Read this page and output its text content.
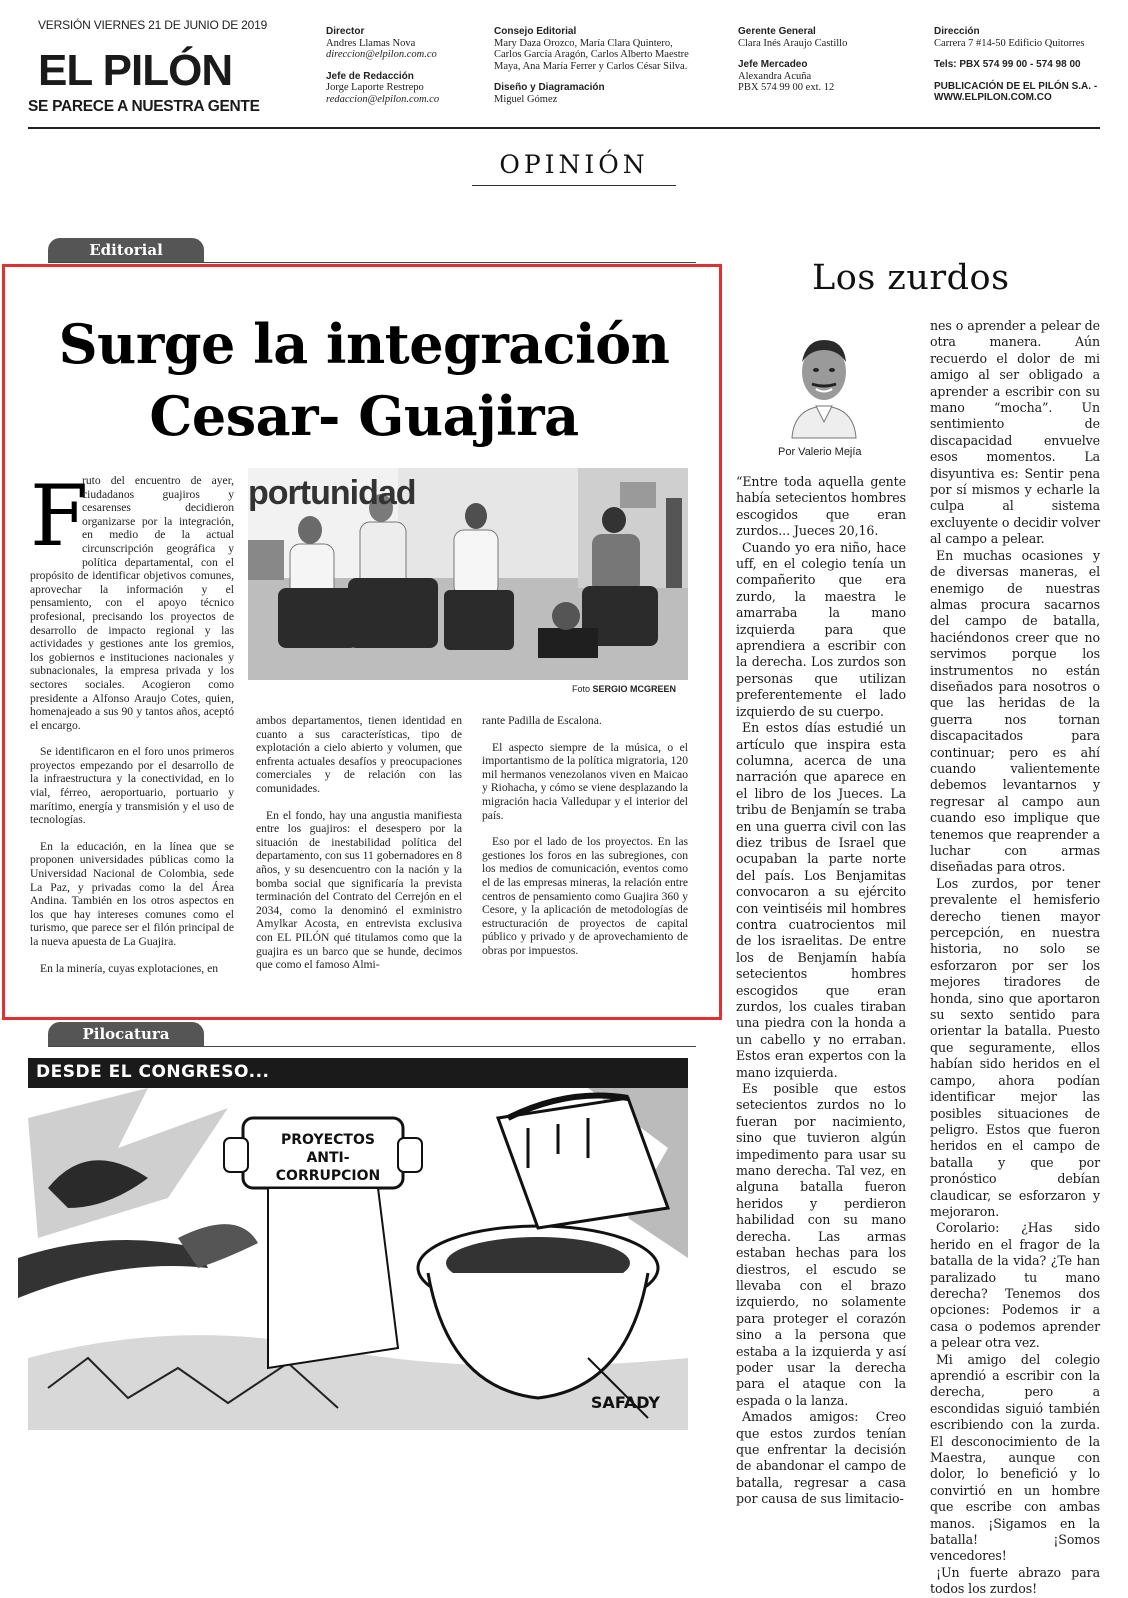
VERSIÓN VIERNES 21 DE JUNIO DE 2019
EL PILÓN
SE PARECE A NUESTRA GENTE
Director

Andres Llamas Nova

direccion@elpilon.com.co

Jefe de Redacción

Jorge Laporte Restrepo

redaccion@elpilon.com.co

Consejo Editorial

Mary Daza Orozco, María Clara Quintero,

Carlos García Aragón, Carlos Alberto Maestre

Maya, Ana María Ferrer y Carlos César Silva.

Diseño y Diagramación

Miguel Gómez

Gerente General

Clara Inés Araujo Castillo

Jefe Mercadeo

Alexandra Acuña

PBX 574 99 00 ext. 12

Dirección

Carrera 7 #14-50 Edificio Quitorres

Tels: PBX 574 99 00 - 574 98 00
PUBLICACIÓN DE EL PILÓN S.A. -
WWW.ELPILON.COM.CO
OPINIÓN
Editorial
Surge la integración
Cesar- Guajira
portunidad
Foto SERGIO MCGREEN
F

ruto del encuentro de ayer, ciudadanos guajiros y cesarenses decidieron organizarse por la integración, en medio de la actual circunscripción geográfica y política departamental, con el propósito de identificar objetivos comunes, aprovechar la información y el pensamiento, con el apoyo técnico profesional, precisando los proyectos de desarrollo de impacto regional y las actividades y gestiones ante los gremios, los gobiernos e instituciones nacionales y subnacionales, la empresa privada y los sectores sociales. Acogieron como presidente a Alfonso Araujo Cotes, quien, homenajeado a sus 90 y tantos años, aceptó el encargo.

Se identificaron en el foro unos primeros proyectos empezando por el desarrollo de la infraestructura y la conectividad, en lo vial, férreo, aeroportuario, portuario y marítimo, energía y transmisión y el uso de tecnologías.

En la educación, en la línea que se proponen universidades públicas como la Universidad Nacional de Colombia, sede La Paz, y privadas como la del Área Andina. También en los otros aspectos en los que hay intereses comunes como el turismo, que parece ser el filón principal de la nueva apuesta de La Guajira.

En la minería, cuyas explotaciones, en

ambos departamentos, tienen identidad en cuanto a sus características, tipo de explotación a cielo abierto y volumen, que enfrenta actuales desafíos y preocupaciones comerciales y de relación con las comunidades.

En el fondo, hay una angustia manifiesta entre los guajiros: el desespero por la situación de inestabilidad política del departamento, con sus 11 gobernadores en 8 años, y su desencuentro con la nación y la bomba social que significaría la prevista terminación del Contrato del Cerrejón en el 2034, como la denominó el exministro Amylkar Acosta, en entrevista exclusiva con EL PILÓN qué titulamos como que la guajira es un barco que se hunde, decimos que como el famoso Almi-

rante Padilla de Escalona.

El aspecto siempre de la música, o el importantismo de la política migratoria, 120 mil hermanos venezolanos viven en Maicao y Riohacha, y cómo se viene desplazando la migración hacia Valledupar y el interior del país.

Eso por el lado de los proyectos. En las gestiones los foros en las subregiones, con los medios de comunicación, eventos como el de las empresas mineras, la relación entre centros de pensamiento como Guajira 360 y Cesore, y la aplicación de metodologías de estructuración de proyectos de capital público y privado y de aprovechamiento de obras por impuestos.

Los zurdos
Por Valerio Mejía

“Entre toda aquella gente había setecientos hombres escogidos que eran zurdos... Jueces 20,16.

Cuando yo era niño, hace uff, en el colegio tenía un compañerito que era zurdo, la maestra le amarraba la mano izquierda para que aprendiera a escribir con la derecha. Los zurdos son personas que utilizan preferentemente el lado izquierdo de su cuerpo.

En estos días estudié un artículo que inspira esta columna, acerca de una narración que aparece en el libro de los Jueces. La tribu de Benjamín se traba en una guerra civil con las diez tribus de Israel que ocupaban la parte norte del país. Los Benjamitas convocaron a su ejército con veintiséis mil hombres contra cuatrocientos mil de los israelitas. De entre los de Benjamín había setecientos hombres escogidos que eran zurdos, los cuales tiraban una piedra con la honda a un cabello y no erraban. Estos eran expertos con la mano izquierda.

Es posible que estos setecientos zurdos no lo fueran por nacimiento, sino que tuvieron algún impedimento para usar su mano derecha. Tal vez, en alguna batalla fueron heridos y perdieron habilidad con su mano derecha. Las armas estaban hechas para los diestros, el escudo se llevaba con el brazo izquierdo, no solamente para proteger el corazón sino a la persona que estaba a la izquierda y así poder usar la derecha para el ataque con la espada o la lanza.

Amados amigos: Creo que estos zurdos tenían que enfrentar la decisión de abandonar el campo de batalla, regresar a casa por causa de sus limitacio-

nes o aprender a pelear de otra manera. Aún recuerdo el dolor de mi amigo al ser obligado a aprender a escribir con su mano “mocha”. Un sentimiento de discapacidad envuelve esos momentos. La disyuntiva es: Sentir pena por sí mismos y echarle la culpa al sistema excluyente o decidir volver al campo a pelear.

En muchas ocasiones y de diversas maneras, el enemigo de nuestras almas procura sacarnos del campo de batalla, haciéndonos creer que no servimos porque los instrumentos no están diseñados para nosotros o que las heridas de la guerra nos tornan discapacitados para continuar; pero es ahí cuando valientemente debemos levantarnos y regresar al campo aun cuando eso implique que tenemos que reaprender a luchar con armas diseñadas para otros.

Los zurdos, por tener prevalente el hemisferio derecho tienen mayor percepción, en nuestra historia, no solo se esforzaron por ser los mejores tiradores de honda, sino que aportaron su sexto sentido para orientar la batalla. Puesto que seguramente, ellos habían sido heridos en el campo, ahora podían identificar mejor las posibles situaciones de peligro. Estos que fueron heridos en el campo de batalla y que por pronóstico debían claudicar, se esforzaron y mejoraron.

Corolario: ¿Has sido herido en el fragor de la batalla de la vida? ¿Te han paralizado tu mano derecha? Tenemos dos opciones: Podemos ir a casa o podemos aprender a pelear otra vez.

Mi amigo del colegio aprendió a escribir con la derecha, pero a escondidas siguió también escribiendo con la zurda. El desconocimiento de la Maestra, aunque con dolor, lo benefició y lo convirtió en un hombre que escribe con ambas manos. ¡Sigamos en la batalla! ¡Somos vencedores!

¡Un fuerte abrazo para todos los zurdos!

Pilocatura
PROYECTOS
ANTI-
CORRUPCION
SAFADY
DESDE EL CONGRESO...
